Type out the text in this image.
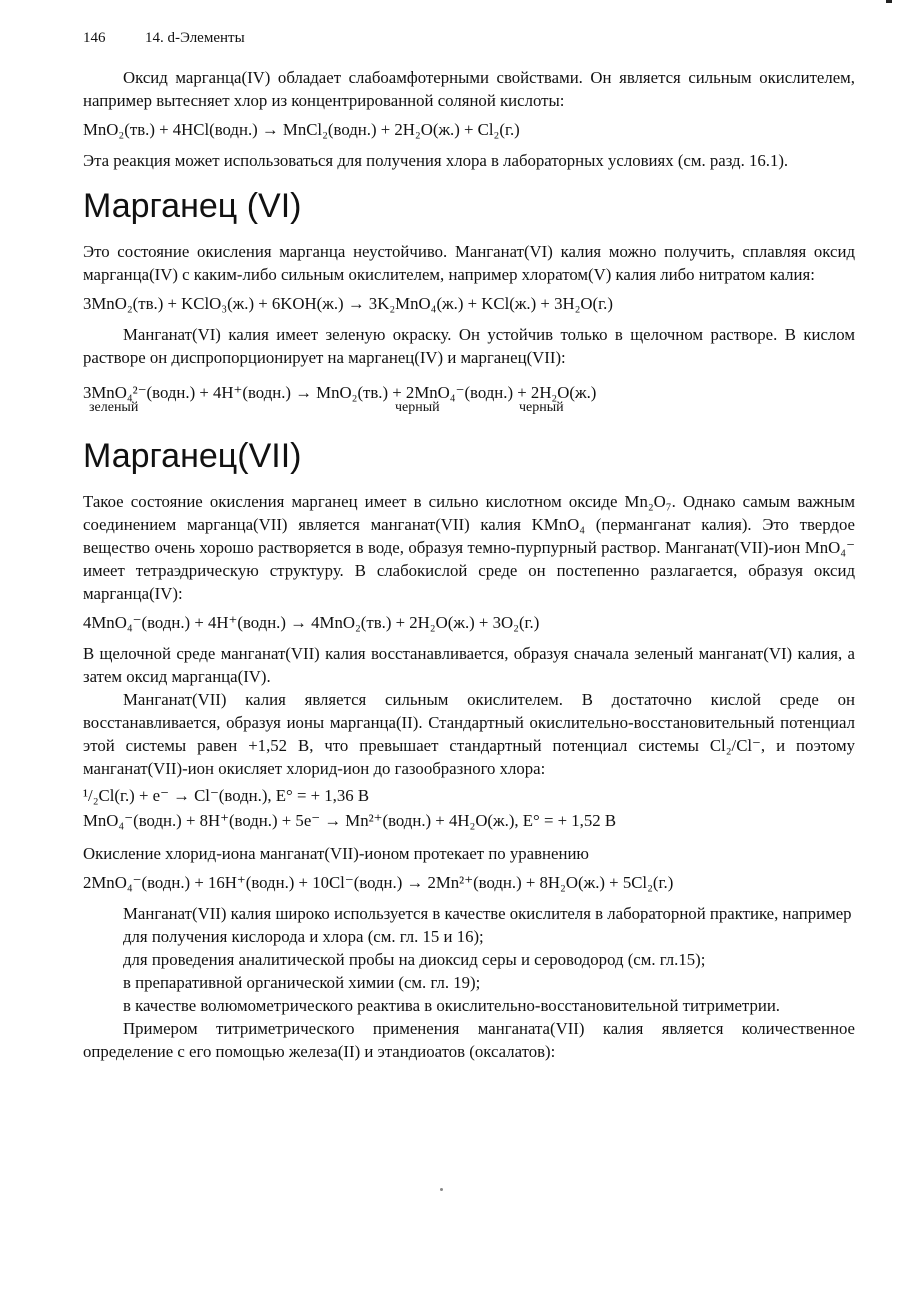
146	14. d-Элементы

Оксид марганца(IV) обладает слабоамфотерными свойствами. Он является сильным окислителем, например вытесняет хлор из концентрированной соляной кислоты:

MnO₂(тв.) + 4HCl(водн.) → MnCl₂(водн.) + 2H₂O(ж.) + Cl₂(г.)

Эта реакция может использоваться для получения хлора в лабораторных условиях (см. разд. 16.1).

Марганец (VI)

Это состояние окисления марганца неустойчиво. Манганат(VI) калия можно получить, сплавляя оксид марганца(IV) с каким-либо сильным окислителем, например хлоратом(V) калия либо нитратом калия:

3MnO₂(тв.) + KClO₃(ж.) + 6KOH(ж.) → 3K₂MnO₄(ж.) + KCl(ж.) + 3H₂O(г.)

Манганат(VI) калия имеет зеленую окраску. Он устойчив только в щелочном растворе. В кислом растворе он диспропорционирует на марганец(IV) и марганец(VII):

3MnO₄²⁻(водн.) + 4H⁺(водн.) → MnO₂(тв.) + 2MnO₄⁻(водн.) + 2H₂O(ж.)
зеленый	черный	черный
Марганец(VII)

Такое состояние окисления марганец имеет в сильно кислотном оксиде Mn₂O₇. Однако самым важным соединением марганца(VII) является манганат(VII) калия KMnO₄ (перманганат калия). Это твердое вещество очень хорошо растворяется в воде, образуя темно-пурпурный раствор. Манганат(VII)-ион MnO₄⁻ имеет тетраэдрическую структуру. В слабокислой среде он постепенно разлагается, образуя оксид марганца(IV):

4MnO₄⁻(водн.) + 4H⁺(водн.) → 4MnO₂(тв.) + 2H₂O(ж.) + 3O₂(г.)

В щелочной среде манганат(VII) калия восстанавливается, образуя сначала зеленый манганат(VI) калия, а затем оксид марганца(IV).

Манганат(VII) калия является сильным окислителем. В достаточно кислой среде он восстанавливается, образуя ионы марганца(II). Стандартный окислительно-восстановительный потенциал этой системы равен +1,52 В, что превышает стандартный потенциал системы Cl₂/Cl⁻, и поэтому манганат(VII)-ион окисляет хлорид-ион до газообразного хлора:

¹/₂Cl(г.) + e⁻ → Cl⁻(водн.), E° = + 1,36 В
MnO₄⁻(водн.) + 8H⁺(водн.) + 5e⁻ → Mn²⁺(водн.) + 4H₂O(ж.), E° = + 1,52 В

Окисление хлорид-иона манганат(VII)-ионом протекает по уравнению

2MnO₄⁻(водн.) + 16H⁺(водн.) + 10Cl⁻(водн.) → 2Mn²⁺(водн.) + 8H₂O(ж.) + 5Cl₂(г.)

Манганат(VII) калия широко используется в качестве окислителя в лабораторной практике, например

для получения кислорода и хлора (см. гл. 15 и 16);

для проведения аналитической пробы на диоксид серы и сероводород (см. гл.15);

в препаративной органической химии (см. гл. 19);

в качестве волюмометрического реактива в окислительно-восстановительной титриметрии.

Примером титриметрического применения манганата(VII) калия является количественное определение с его помощью железа(II) и этандиоатов (оксалатов):
